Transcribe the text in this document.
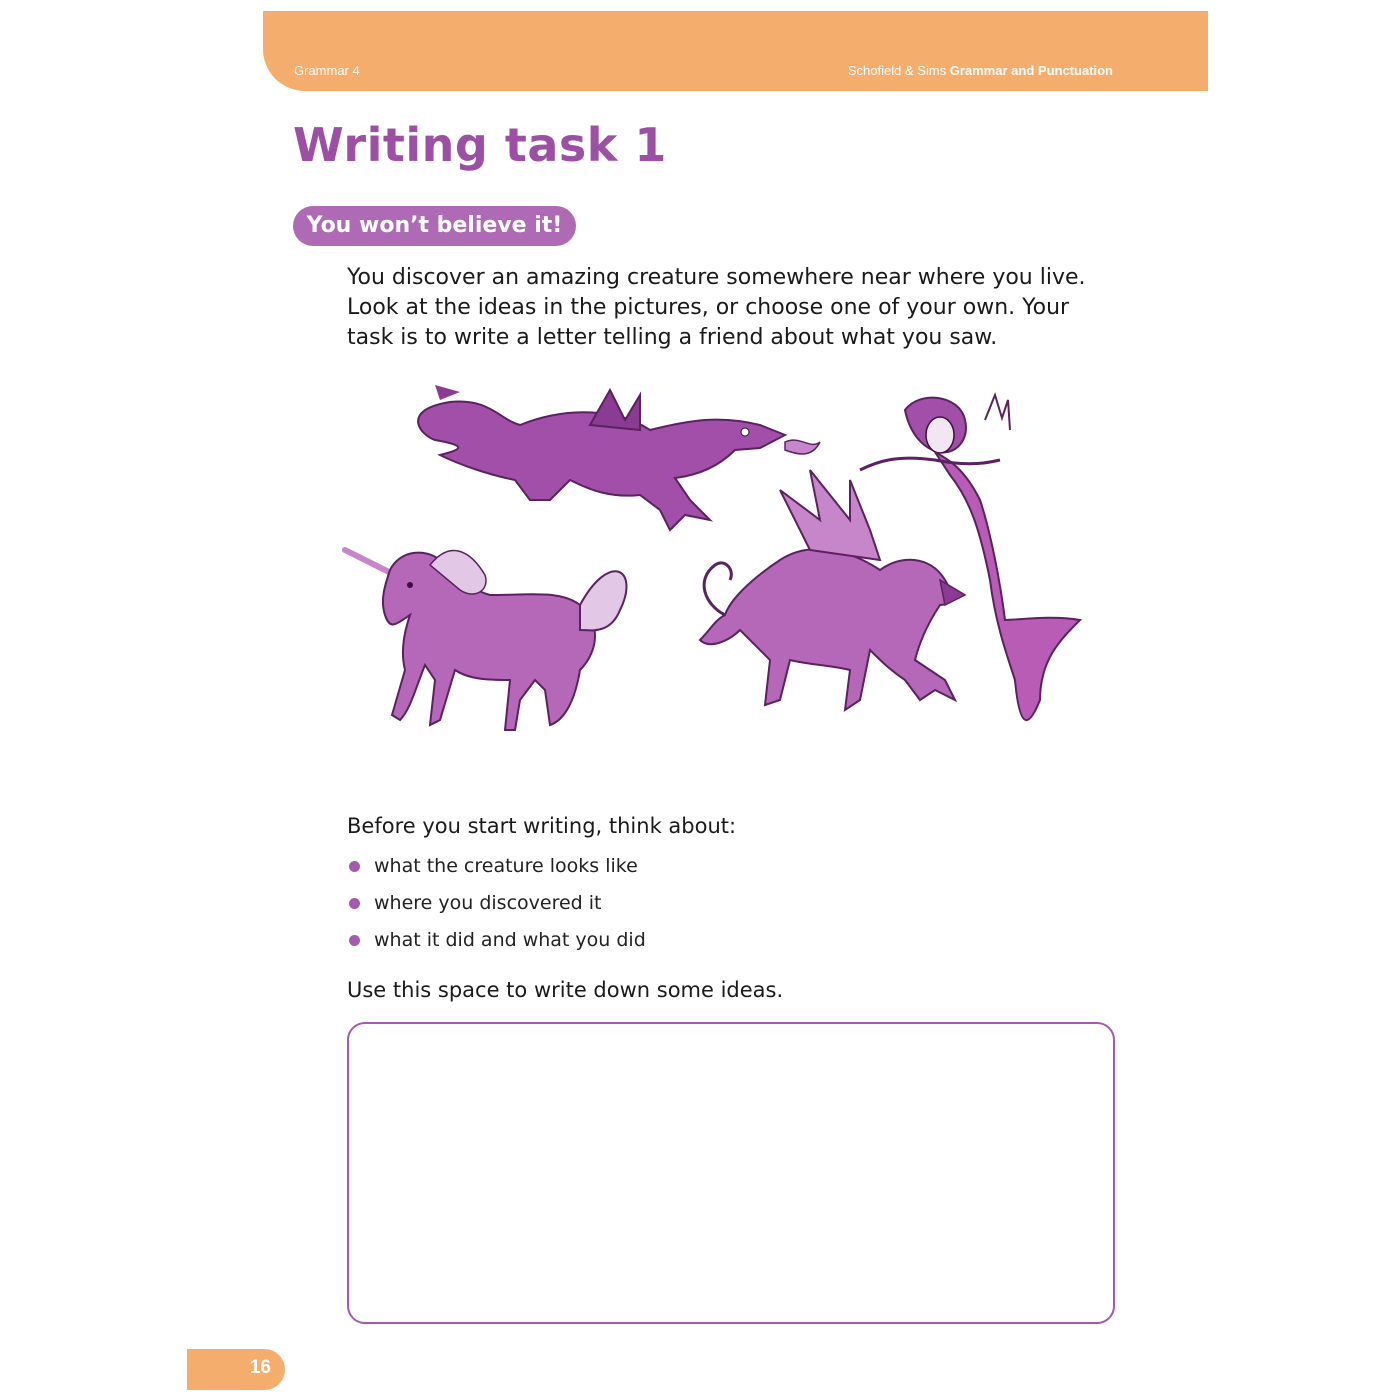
Grammar 4	Schofield & Sims Grammar and Punctuation
Writing task 1
You won’t believe it!

You discover an amazing creature somewhere near where you live. Look at the ideas in the pictures, or choose one of your own. Your task is to write a letter telling a friend about what you saw.

Before you start writing, think about:

what the creature looks like
where you discovered it
what it did and what you did

Use this space to write down some ideas.

16
